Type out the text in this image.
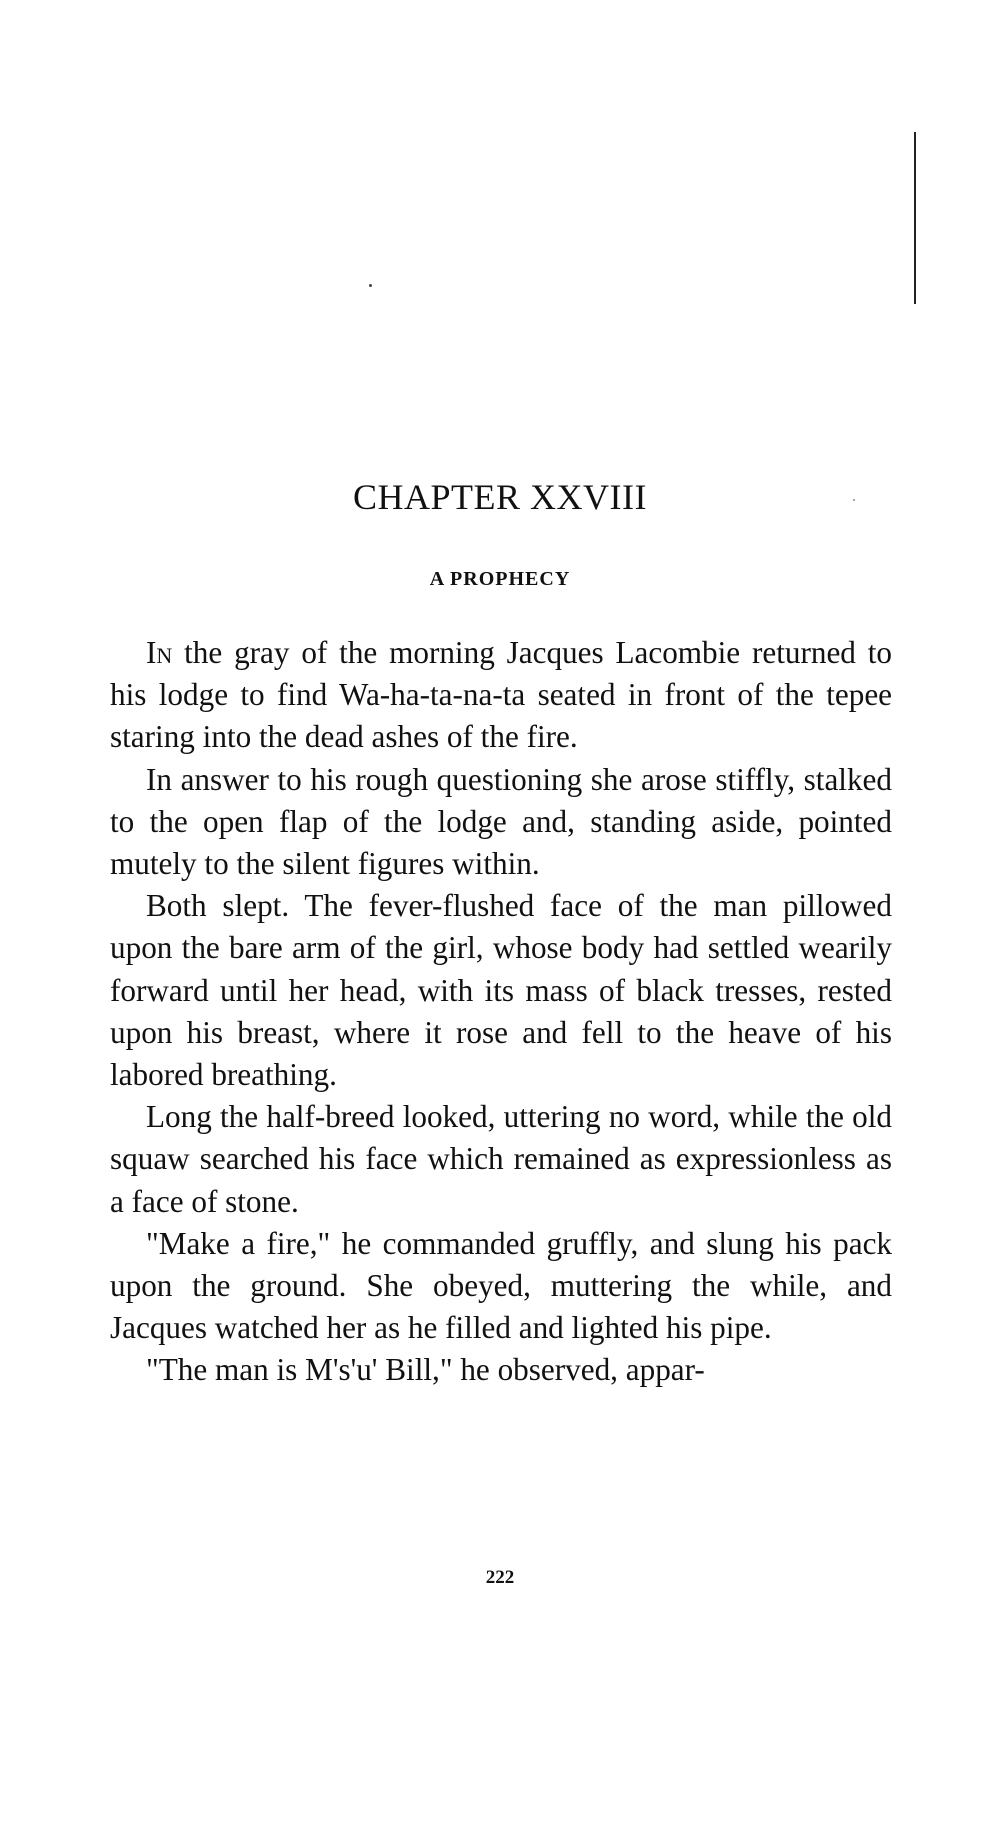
CHAPTER XXVIII
A PROPHECY

In the gray of the morning Jacques Lacombie returned to his lodge to find Wa-ha-ta-na-ta seated in front of the tepee staring into the dead ashes of the fire.

In answer to his rough questioning she arose stiffly, stalked to the open flap of the lodge and, standing aside, pointed mutely to the silent figures within.

Both slept. The fever-flushed face of the man pillowed upon the bare arm of the girl, whose body had settled wearily forward until her head, with its mass of black tresses, rested upon his breast, where it rose and fell to the heave of his labored breathing.

Long the half-breed looked, uttering no word, while the old squaw searched his face which remained as expressionless as a face of stone.

"Make a fire," he commanded gruffly, and slung his pack upon the ground. She obeyed, muttering the while, and Jacques watched her as he filled and lighted his pipe.

"The man is M's'u' Bill," he observed, appar-

222
